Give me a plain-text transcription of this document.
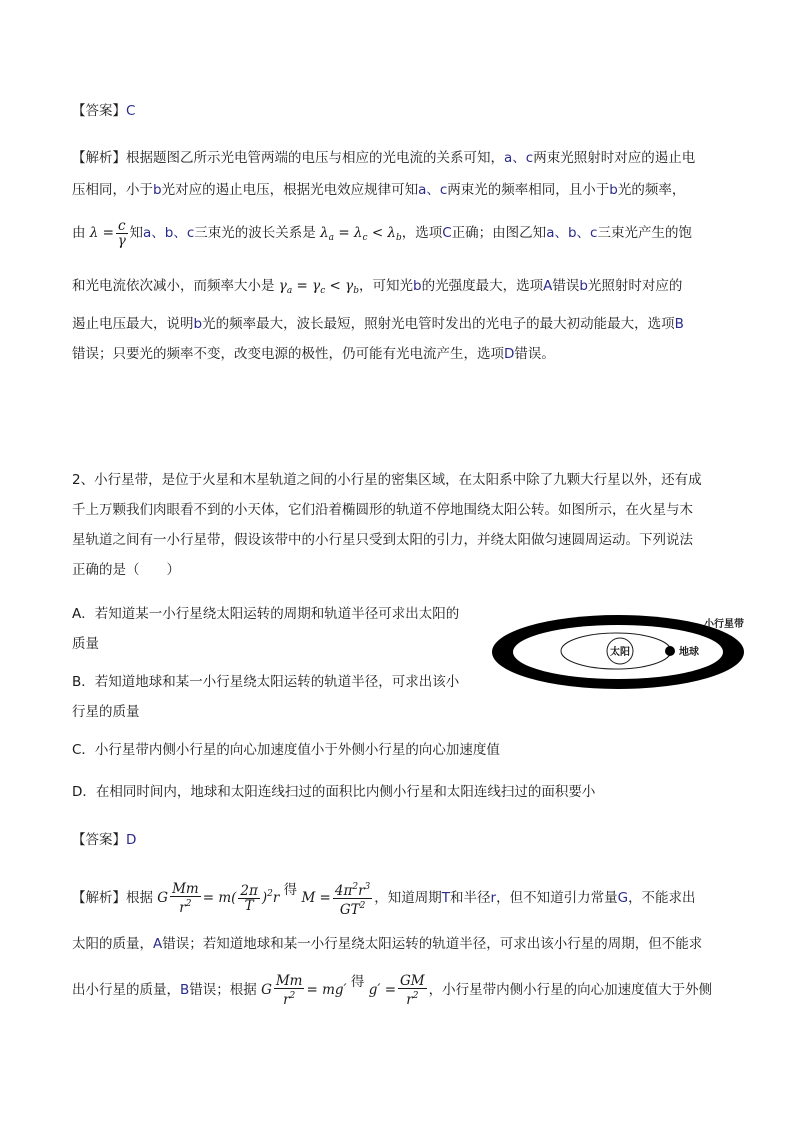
【答案】C
【解析】根据题图乙所示光电管两端的电压与相应的光电流的关系可知，a、c两束光照射时对应的遏止电
压相同，小于b光对应的遏止电压，根据光电效应规律可知a、c两束光的频率相同，且小于b光的频率，
由 $\lambda = \frac{c}{\gamma}$ 知a、b、c三束光的波长关系是 $\lambda_a = \lambda_c < \lambda_b$，选项C正确；由图乙知a、b、c三束光产生的饱
和光电流依次减小，而频率大小是 $\gamma_a = \gamma_c < \gamma_b$，可知光b的光强度最大，选项A错误b光照射时对应的
遏止电压最大，说明b光的频率最大，波长最短，照射光电管时发出的光电子的最大初动能最大，选项B
错误；只要光的频率不变，改变电源的极性，仍可能有光电流产生，选项D错误。
2、小行星带，是位于火星和木星轨道之间的小行星的密集区域，在太阳系中除了九颗大行星以外，还有成
千上万颗我们肉眼看不到的小天体，它们沿着椭圆形的轨道不停地围绕太阳公转。如图所示，在火星与木
星轨道之间有一小行星带，假设该带中的小行星只受到太阳的引力，并绕太阳做匀速圆周运动。下列说法
正确的是（　　）
A．若知道某一小行星绕太阳运转的周期和轨道半径可求出太阳的
质量
B．若知道地球和某一小行星绕太阳运转的轨道半径，可求出该小
行星的质量
C．小行星带内侧小行星的向心加速度值小于外侧小行星的向心加速度值
D．在相同时间内，地球和太阳连线扫过的面积比内侧小行星和太阳连线扫过的面积要小
太阳	地球
小行星带
【答案】D
【解析】根据 G $\frac{Mm}{r^2} = m( \frac{2\pi}{T} )^2r$ 得 $M = \frac{4\pi^2r^3}{GT^2}$ ，知道周期T和半径r，但不知道引力常量G，不能求出
太阳的质量，A错误；若知道地球和某一小行星绕太阳运转的轨道半径，可求出该小行星的周期，但不能求
出小行星的质量，B错误；根据 G $\frac{Mm}{r^2} = mg'$ 得 $g' = \frac{GM}{r^2}$ ，小行星带内侧小行星的向心加速度值大于外侧
